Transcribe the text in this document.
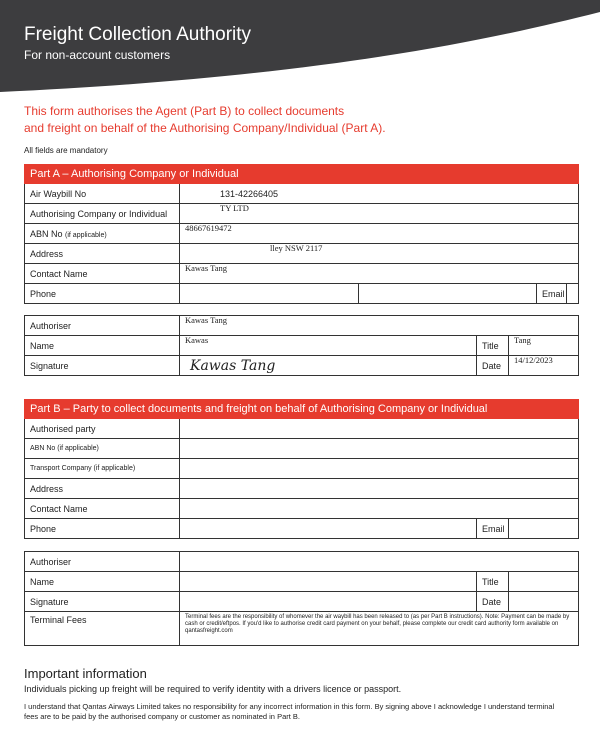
Freight Collection Authority
For non-account customers
This form authorises the Agent (Part B) to collect documents
and freight on behalf of the Authorising Company/Individual (Part A).
All fields are mandatory
Part A – Authorising Company or Individual				
Air Waybill No	131-42266405			
Authorising Company or Individual	TY LTD			
ABN No (if applicable)	48667619472			
Address	lley NSW 2117			
Contact Name	Kawas Tang			
Phone			Email	
Authoriser	Kawas Tang		
Name	Kawas	Title	Tang
Signature	Kawas Tang	Date	14/12/2023
Part B – Party to collect documents and freight on behalf of Authorising Company or Individual			
Authorised party			
ABN No (if applicable)			
Transport Company (if applicable)			
Address			
Contact Name			
Phone		Email	
Authoriser			
Name		Title	
Signature		Date	
Terminal Fees	Terminal fees are the responsibility of whomever the air waybill has been released to (as per Part B instructions). Note: Payment can be made by cash or credit/eftpos. If you'd like to authorise credit card payment on your behalf, please complete our credit card authority form available on qantasfreight.com		
Important information
Individuals picking up freight will be required to verify identity with a drivers licence or passport.
I understand that Qantas Airways Limited takes no responsibility for any incorrect information in this form. By signing above I acknowledge I understand terminal fees are to be paid by the authorised company or customer as nominated in Part B.
